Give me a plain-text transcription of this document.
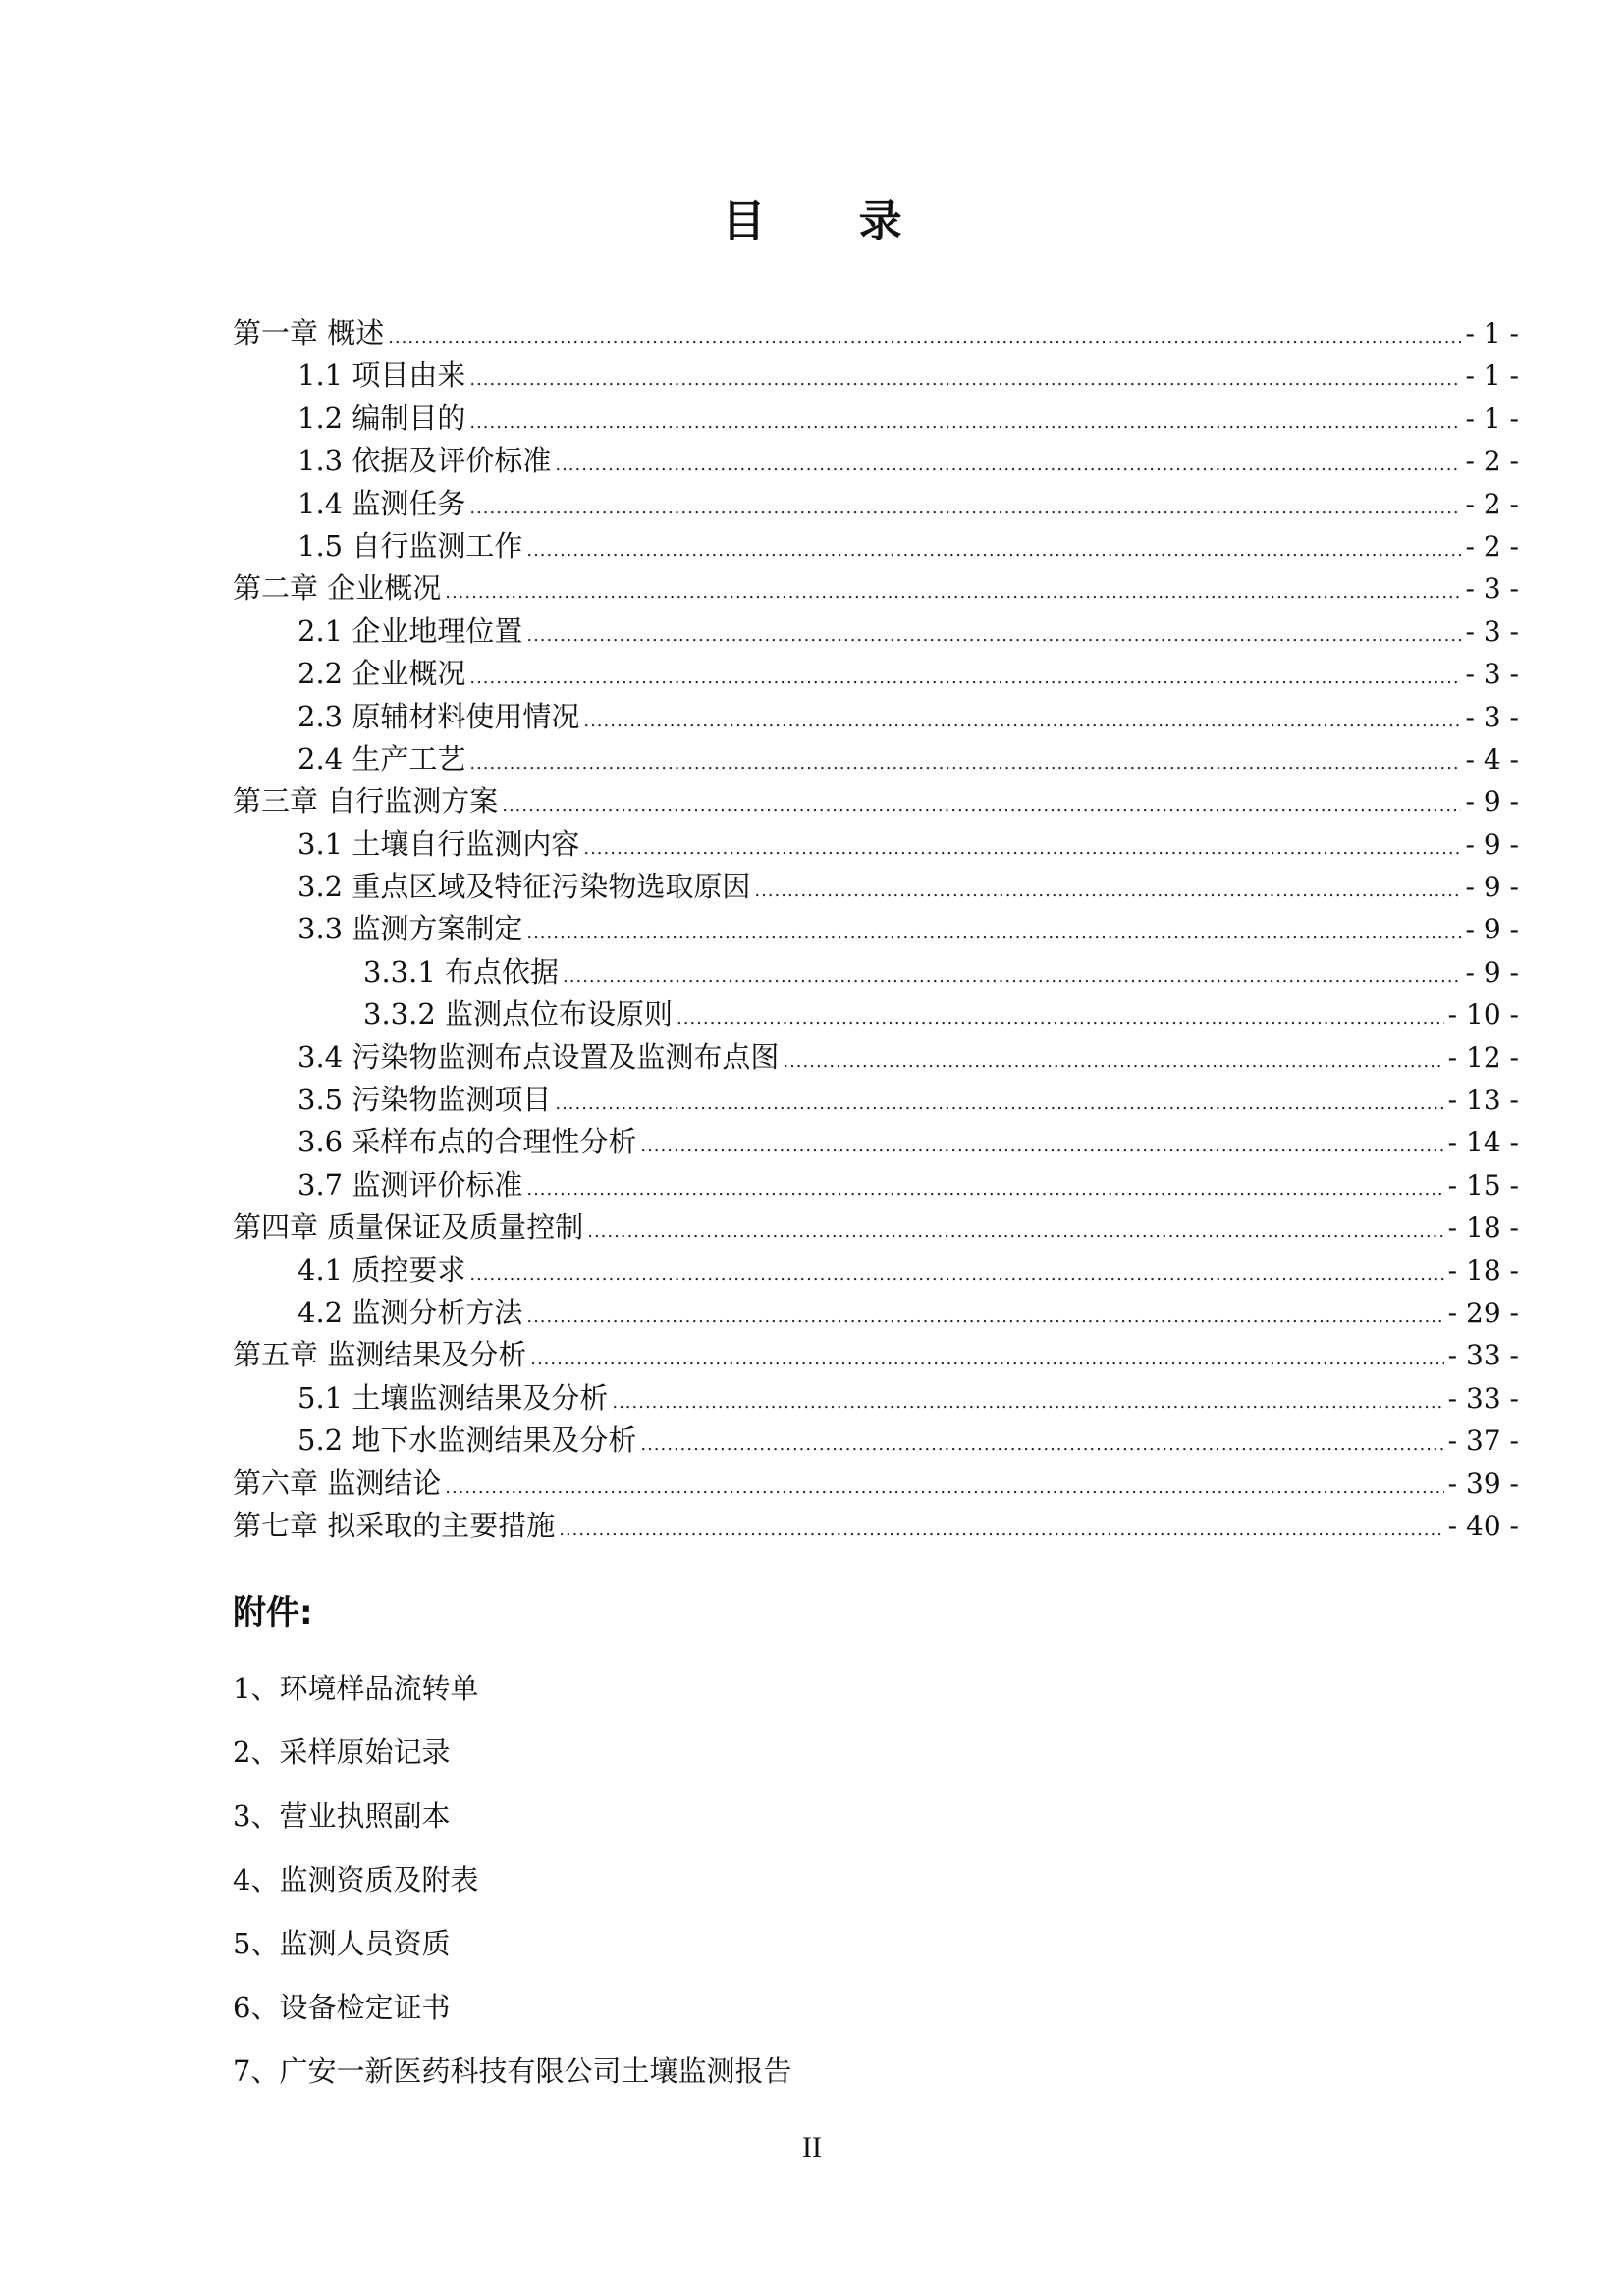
目 录
第一章 概述 .....	- 1 -
1.1 项目由来 .....	- 1 -
1.2 编制目的 .....	- 1 -
1.3 依据及评价标准 .....	- 2 -
1.4 监测任务 .....	- 2 -
1.5 自行监测工作 .....	- 2 -
第二章 企业概况 .....	- 3 -
2.1 企业地理位置 .....	- 3 -
2.2 企业概况 .....	- 3 -
2.3 原辅材料使用情况 .....	- 3 -
2.4 生产工艺 .....	- 4 -
第三章 自行监测方案 .....	- 9 -
3.1 土壤自行监测内容 .....	- 9 -
3.2 重点区域及特征污染物选取原因 .....	- 9 -
3.3 监测方案制定 .....	- 9 -
3.3.1 布点依据 .....	- 9 -
3.3.2 监测点位布设原则 .....	- 10 -
3.4 污染物监测布点设置及监测布点图 .....	- 12 -
3.5 污染物监测项目 .....	- 13 -
3.6 采样布点的合理性分析 .....	- 14 -
3.7 监测评价标准 .....	- 15 -
第四章 质量保证及质量控制 .....	- 18 -
4.1 质控要求 .....	- 18 -
4.2 监测分析方法 .....	- 29 -
第五章 监测结果及分析 .....	- 33 -
5.1 土壤监测结果及分析 .....	- 33 -
5.2 地下水监测结果及分析 .....	- 37 -
第六章 监测结论 .....	- 39 -
第七章 拟采取的主要措施 .....	- 40 -
附件:
1、环境样品流转单
2、采样原始记录
3、营业执照副本
4、监测资质及附表
5、监测人员资质
6、设备检定证书
7、广安一新医药科技有限公司土壤监测报告
II
